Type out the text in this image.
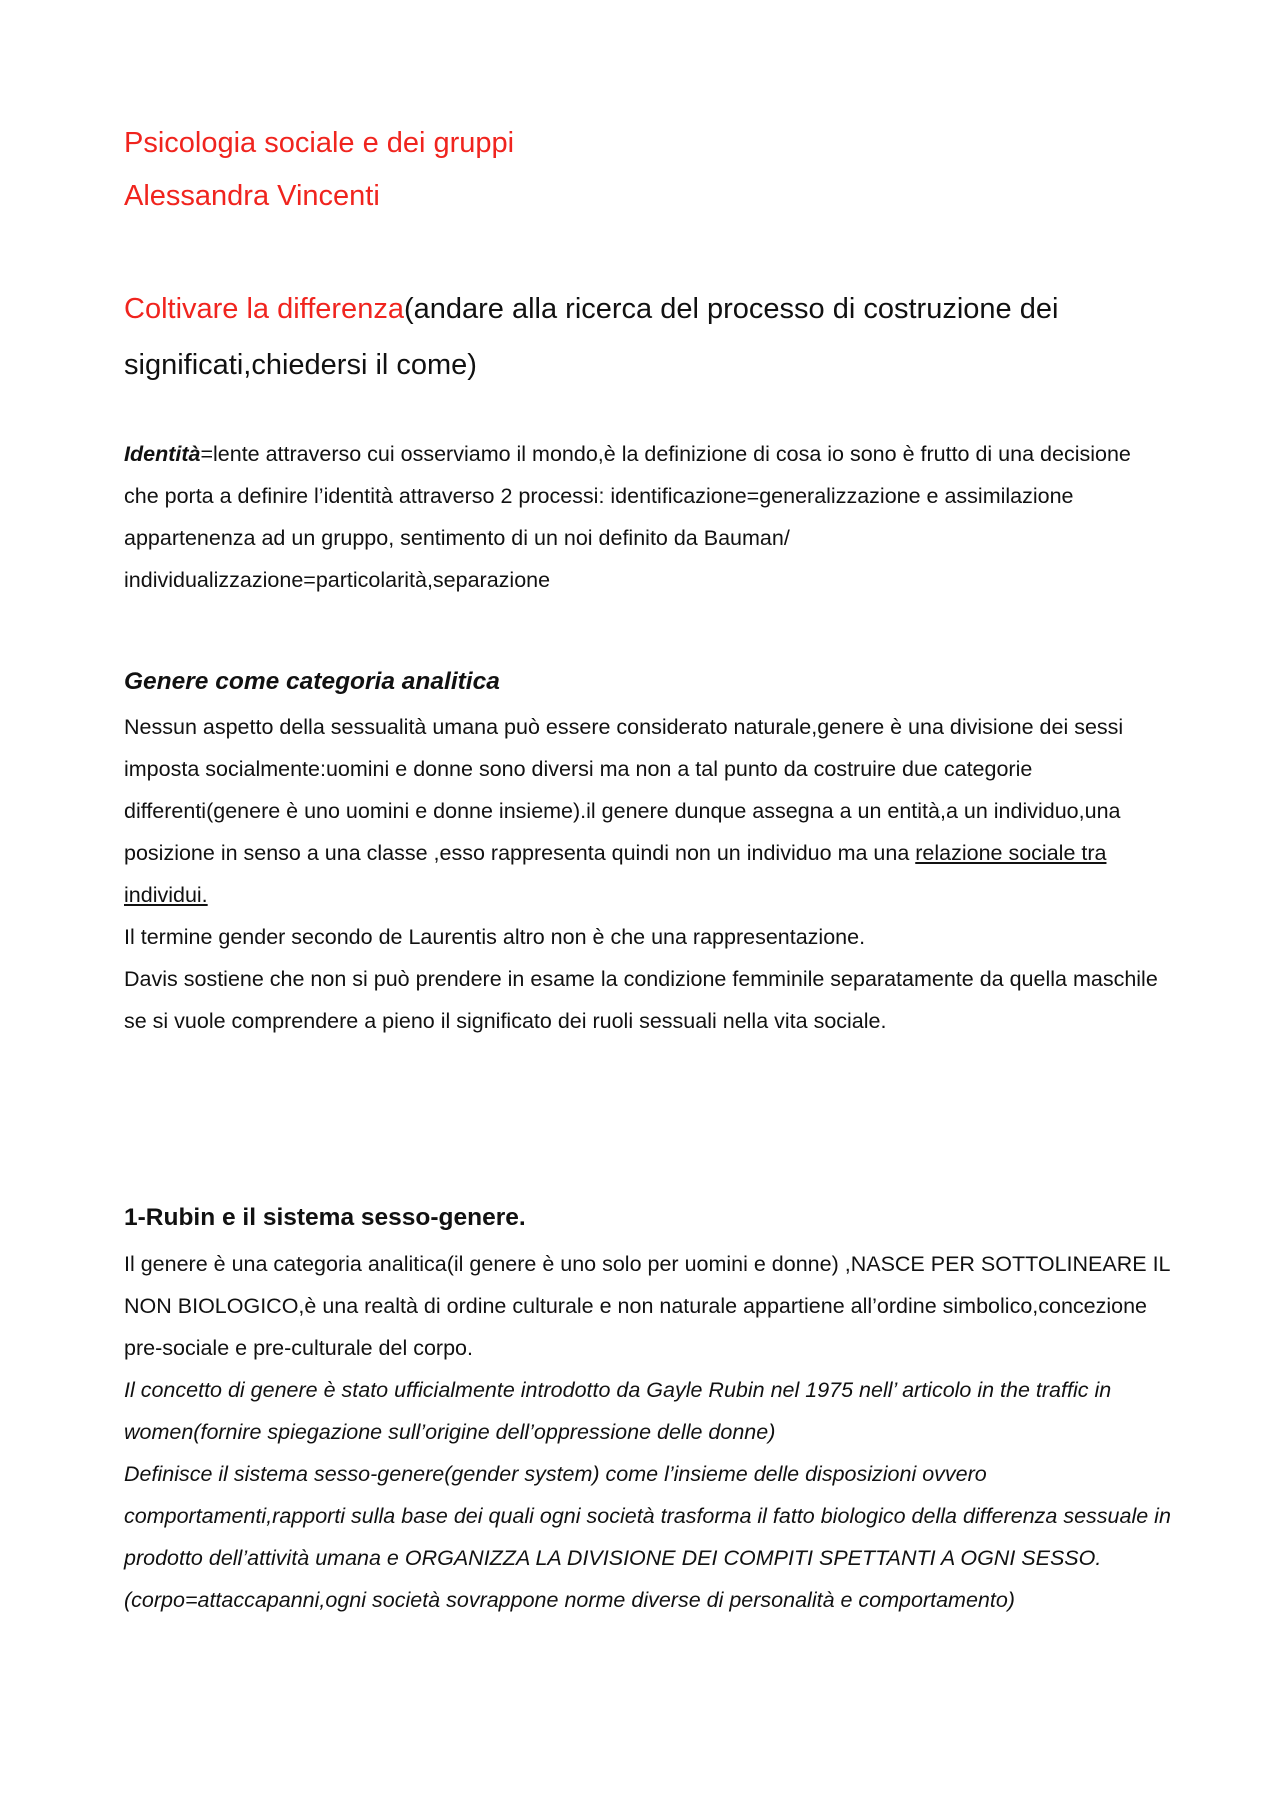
Psicologia sociale e dei gruppi

Alessandra Vincenti

Coltivare la differenza(andare alla ricerca del processo di costruzione dei significati,chiedersi il come)

Identità=lente attraverso cui osserviamo il mondo,è la definizione di cosa io sono è frutto di una decisione che porta a definire l’identità attraverso 2 processi: identificazione=generalizzazione e assimilazione appartenenza ad un gruppo, sentimento di un noi definito da Bauman/ individualizzazione=particolarità,separazione

Genere come categoria analitica

Nessun aspetto della sessualità umana può essere considerato naturale,genere è una divisione dei sessi imposta socialmente:uomini e donne sono diversi ma non a tal punto da costruire due categorie differenti(genere è uno uomini e donne insieme).il genere dunque assegna a un entità,a un individuo,una posizione in senso a una classe ,esso rappresenta quindi non un individuo ma una relazione sociale tra individui.

Il termine gender secondo de Laurentis altro non è che una rappresentazione.

Davis sostiene che non si può prendere in esame la condizione femminile separatamente da quella maschile se si vuole comprendere a pieno il significato dei ruoli sessuali nella vita sociale.

1-Rubin e il sistema sesso-genere.

Il genere è una categoria analitica(il genere è uno solo per uomini e donne) ,NASCE PER SOTTOLINEARE IL NON BIOLOGICO,è una realtà di ordine culturale e non naturale appartiene all’ordine simbolico,concezione pre-sociale e pre-culturale del corpo.

Il concetto di genere è stato ufficialmente introdotto da Gayle Rubin nel 1975 nell’ articolo in the traffic in women(fornire spiegazione sull’origine dell’oppressione delle donne)

Definisce il sistema sesso-genere(gender system) come l’insieme delle disposizioni ovvero comportamenti,rapporti sulla base dei quali ogni società trasforma il fatto biologico della differenza sessuale in prodotto dell’attività umana e ORGANIZZA LA DIVISIONE DEI COMPITI SPETTANTI A OGNI SESSO.(corpo=attaccapanni,ogni società sovrappone norme diverse di personalità e comportamento)
